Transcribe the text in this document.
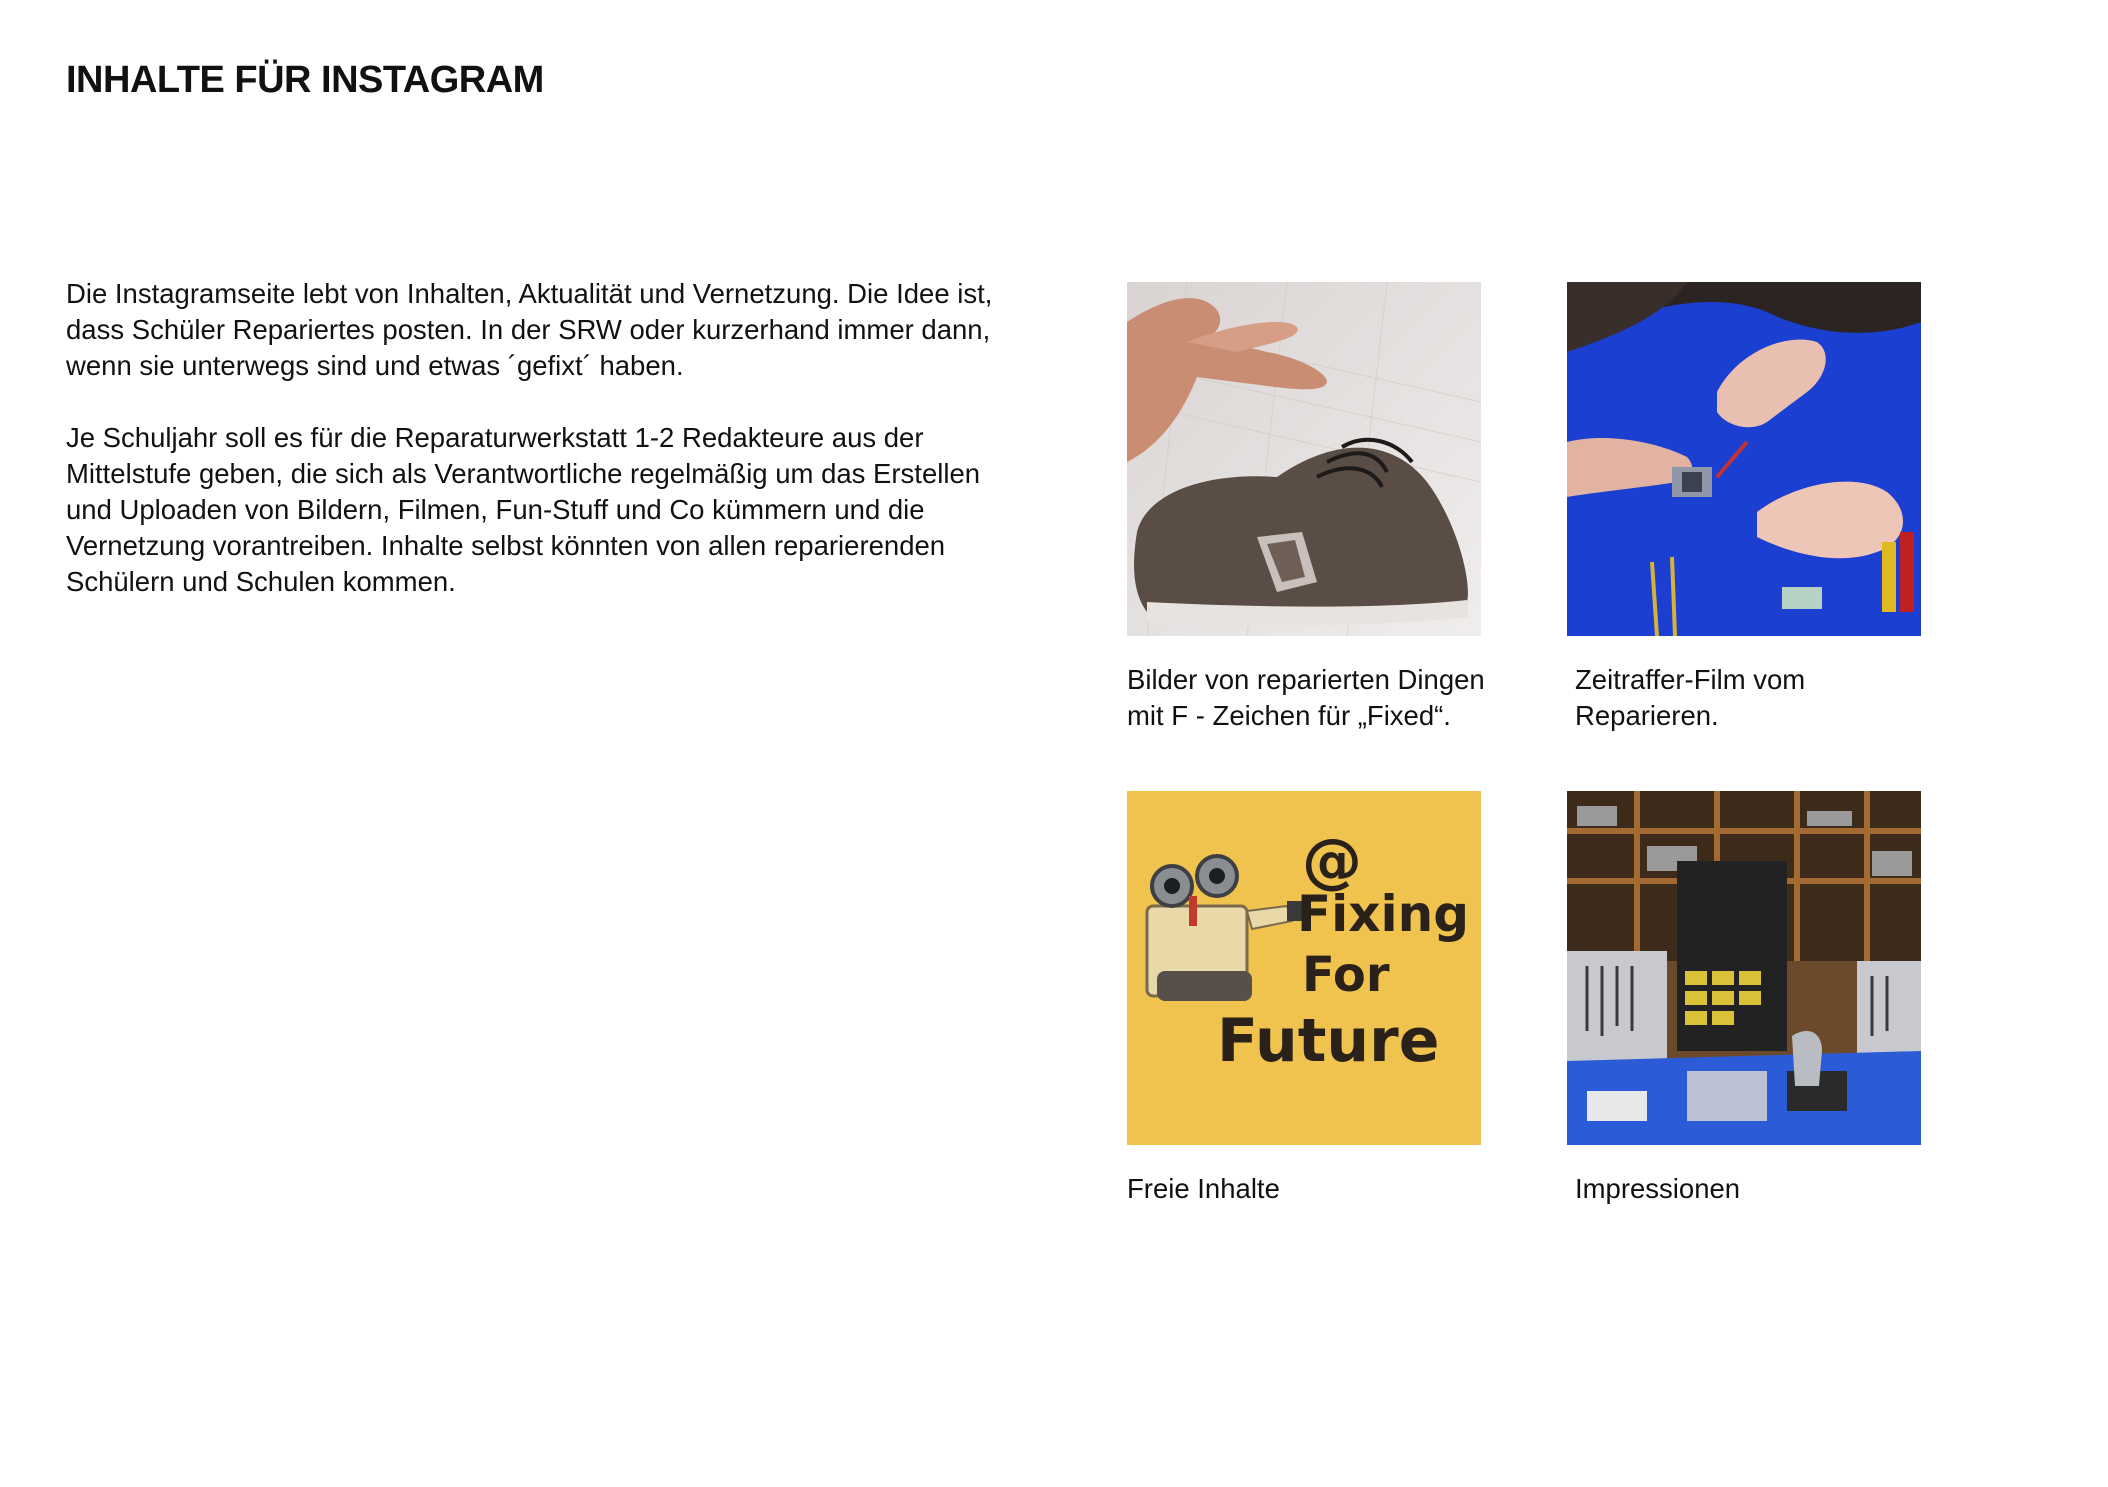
INHALTE FÜR INSTAGRAM

Die Instagramseite lebt von Inhalten, Aktualität und Vernetzung. Die Idee ist, dass Schüler Repariertes posten. In der SRW oder kurzerhand immer dann, wenn sie unterwegs sind und etwas ´gefixt´ haben.

Je Schuljahr soll es für die Reparaturwerkstatt 1-2 Redakteure aus der Mittelstufe geben, die sich als Verantwortliche regelmäßig um das Erstellen und Uploaden von Bildern, Filmen, Fun-Stuff und Co kümmern und die Vernetzung vorantreiben. Inhalte selbst könnten von allen reparierenden Schülern und Schulen kommen.

Bilder von reparierten Dingen
mit F - Zeichen für „Fixed“.
Zeitraffer-Film vom Reparieren.
@
Fixing
For
Future
Freie Inhalte	Impressionen
